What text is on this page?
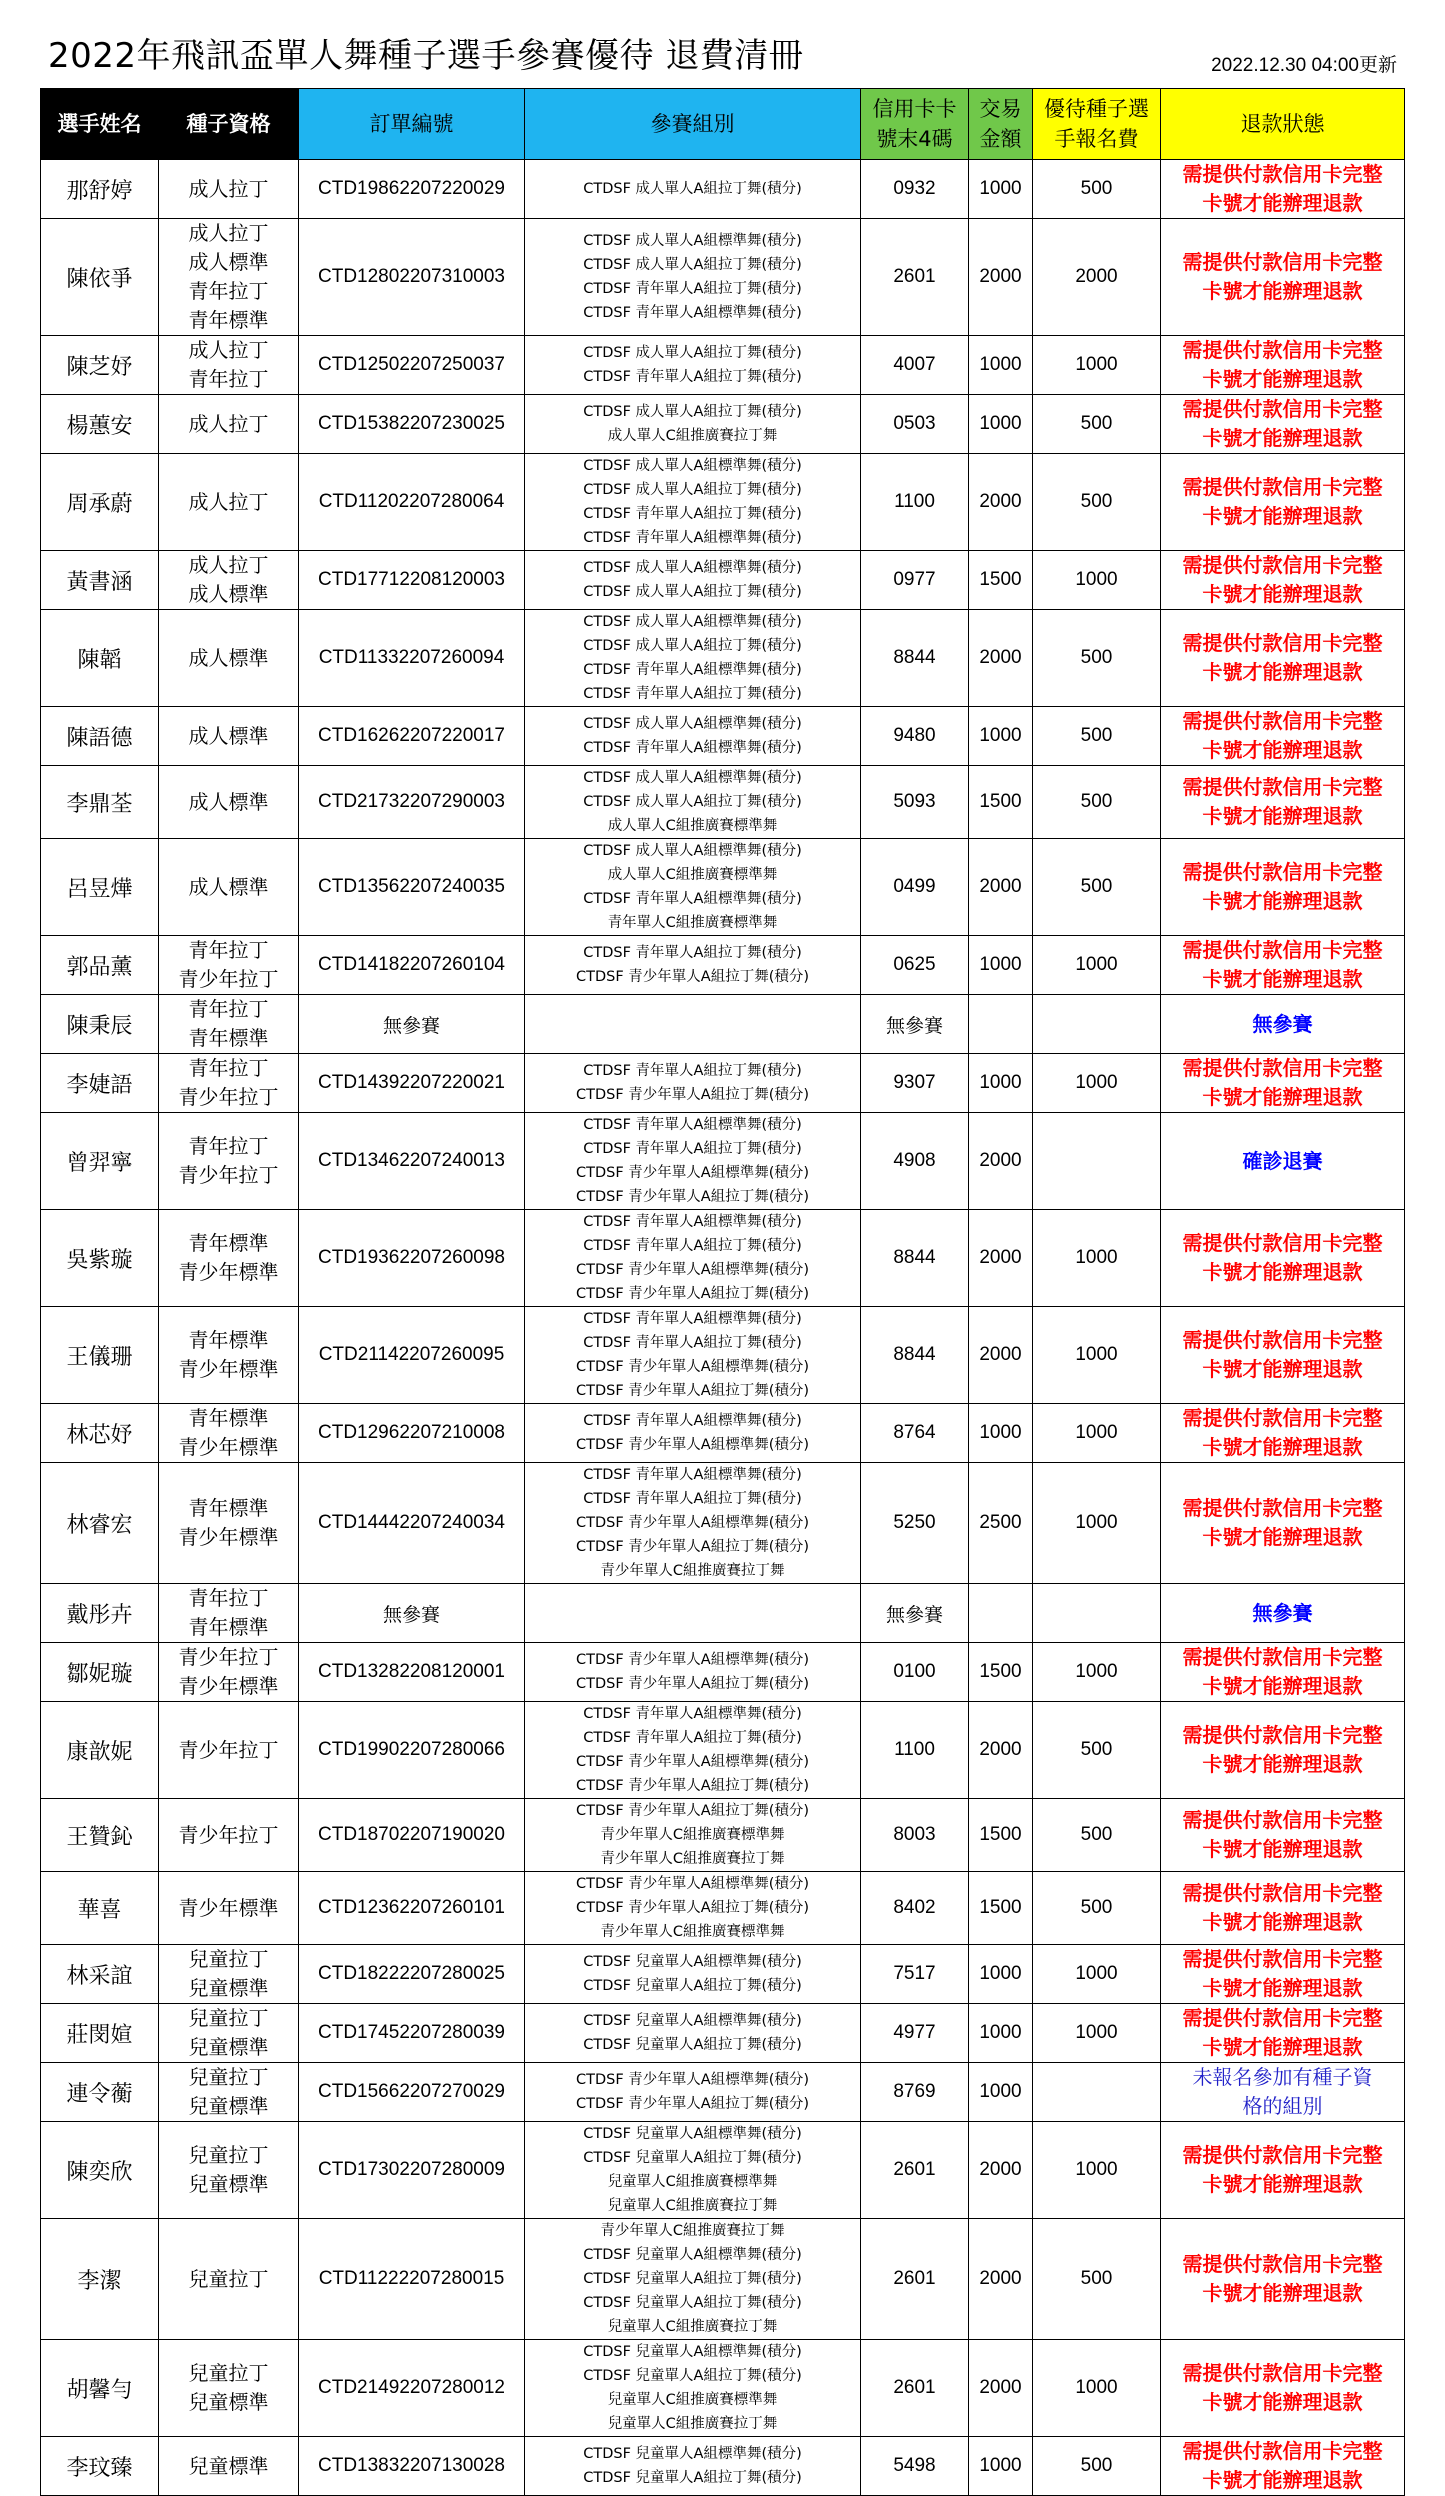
2022年飛訊盃單人舞種子選手參賽優待 退費清冊	2022.12.30 04:00更新
選手姓名	種子資格	訂單編號	參賽組別	信用卡卡
號末4碼	交易
金額	優待種子選
手報名費	退款狀態

那舒婷	成人拉丁	CTD19862207220029	CTDSF 成人單人A組拉丁舞(積分)	0932	1000	500	需提供付款信用卡完整
卡號才能辦理退款

陳依爭	成人拉丁
成人標準
青年拉丁
青年標準	CTD12802207310003	CTDSF 成人單人A組標準舞(積分)
CTDSF 成人單人A組拉丁舞(積分)
CTDSF 青年單人A組拉丁舞(積分)
CTDSF 青年單人A組標準舞(積分)	2601	2000	2000	需提供付款信用卡完整
卡號才能辦理退款

陳芝妤	成人拉丁
青年拉丁	CTD12502207250037	CTDSF 成人單人A組拉丁舞(積分)
CTDSF 青年單人A組拉丁舞(積分)	4007	1000	1000	需提供付款信用卡完整
卡號才能辦理退款

楊蕙安	成人拉丁	CTD15382207230025	CTDSF 成人單人A組拉丁舞(積分)
成人單人C組推廣賽拉丁舞	0503	1000	500	需提供付款信用卡完整
卡號才能辦理退款

周承蔚	成人拉丁	CTD11202207280064	CTDSF 成人單人A組標準舞(積分)
CTDSF 成人單人A組拉丁舞(積分)
CTDSF 青年單人A組拉丁舞(積分)
CTDSF 青年單人A組標準舞(積分)	1100	2000	500	需提供付款信用卡完整
卡號才能辦理退款

黃書涵	成人拉丁
成人標準	CTD17712208120003	CTDSF 成人單人A組標準舞(積分)
CTDSF 成人單人A組拉丁舞(積分)	0977	1500	1000	需提供付款信用卡完整
卡號才能辦理退款

陳韜	成人標準	CTD11332207260094	CTDSF 成人單人A組標準舞(積分)
CTDSF 成人單人A組拉丁舞(積分)
CTDSF 青年單人A組標準舞(積分)
CTDSF 青年單人A組拉丁舞(積分)	8844	2000	500	需提供付款信用卡完整
卡號才能辦理退款

陳語德	成人標準	CTD16262207220017	CTDSF 成人單人A組標準舞(積分)
CTDSF 青年單人A組標準舞(積分)	9480	1000	500	需提供付款信用卡完整
卡號才能辦理退款

李鼎荃	成人標準	CTD21732207290003	CTDSF 成人單人A組標準舞(積分)
CTDSF 成人單人A組拉丁舞(積分)
成人單人C組推廣賽標準舞	5093	1500	500	需提供付款信用卡完整
卡號才能辦理退款

呂昱燁	成人標準	CTD13562207240035	CTDSF 成人單人A組標準舞(積分)
成人單人C組推廣賽標準舞
CTDSF 青年單人A組標準舞(積分)
青年單人C組推廣賽標準舞	0499	2000	500	需提供付款信用卡完整
卡號才能辦理退款

郭品薰	青年拉丁
青少年拉丁	CTD14182207260104	CTDSF 青年單人A組拉丁舞(積分)
CTDSF 青少年單人A組拉丁舞(積分)	0625	1000	1000	需提供付款信用卡完整
卡號才能辦理退款

陳秉辰	青年拉丁
青年標準	無參賽		無參賽			無參賽

李婕語	青年拉丁
青少年拉丁	CTD14392207220021	CTDSF 青年單人A組拉丁舞(積分)
CTDSF 青少年單人A組拉丁舞(積分)	9307	1000	1000	需提供付款信用卡完整
卡號才能辦理退款

曾羿寧	青年拉丁
青少年拉丁	CTD13462207240013	CTDSF 青年單人A組標準舞(積分)
CTDSF 青年單人A組拉丁舞(積分)
CTDSF 青少年單人A組標準舞(積分)
CTDSF 青少年單人A組拉丁舞(積分)	4908	2000		確診退賽

吳紫璇	青年標準
青少年標準	CTD19362207260098	CTDSF 青年單人A組標準舞(積分)
CTDSF 青年單人A組拉丁舞(積分)
CTDSF 青少年單人A組標準舞(積分)
CTDSF 青少年單人A組拉丁舞(積分)	8844	2000	1000	需提供付款信用卡完整
卡號才能辦理退款

王儀珊	青年標準
青少年標準	CTD21142207260095	CTDSF 青年單人A組標準舞(積分)
CTDSF 青年單人A組拉丁舞(積分)
CTDSF 青少年單人A組標準舞(積分)
CTDSF 青少年單人A組拉丁舞(積分)	8844	2000	1000	需提供付款信用卡完整
卡號才能辦理退款

林芯妤	青年標準
青少年標準	CTD12962207210008	CTDSF 青年單人A組標準舞(積分)
CTDSF 青少年單人A組標準舞(積分)	8764	1000	1000	需提供付款信用卡完整
卡號才能辦理退款

林睿宏	青年標準
青少年標準	CTD14442207240034	CTDSF 青年單人A組標準舞(積分)
CTDSF 青年單人A組拉丁舞(積分)
CTDSF 青少年單人A組標準舞(積分)
CTDSF 青少年單人A組拉丁舞(積分)
青少年單人C組推廣賽拉丁舞	5250	2500	1000	需提供付款信用卡完整
卡號才能辦理退款

戴彤卉	青年拉丁
青年標準	無參賽		無參賽			無參賽

鄒妮璇	青少年拉丁
青少年標準	CTD13282208120001	CTDSF 青少年單人A組標準舞(積分)
CTDSF 青少年單人A組拉丁舞(積分)	0100	1500	1000	需提供付款信用卡完整
卡號才能辦理退款

康歆妮	青少年拉丁	CTD19902207280066	CTDSF 青年單人A組標準舞(積分)
CTDSF 青年單人A組拉丁舞(積分)
CTDSF 青少年單人A組標準舞(積分)
CTDSF 青少年單人A組拉丁舞(積分)	1100	2000	500	需提供付款信用卡完整
卡號才能辦理退款

王贊鈊	青少年拉丁	CTD18702207190020	CTDSF 青少年單人A組拉丁舞(積分)
青少年單人C組推廣賽標準舞
青少年單人C組推廣賽拉丁舞	8003	1500	500	需提供付款信用卡完整
卡號才能辦理退款

華喜	青少年標準	CTD12362207260101	CTDSF 青少年單人A組標準舞(積分)
CTDSF 青少年單人A組拉丁舞(積分)
青少年單人C組推廣賽標準舞	8402	1500	500	需提供付款信用卡完整
卡號才能辦理退款

林采誼	兒童拉丁
兒童標準	CTD18222207280025	CTDSF 兒童單人A組標準舞(積分)
CTDSF 兒童單人A組拉丁舞(積分)	7517	1000	1000	需提供付款信用卡完整
卡號才能辦理退款

莊閔媗	兒童拉丁
兒童標準	CTD17452207280039	CTDSF 兒童單人A組標準舞(積分)
CTDSF 兒童單人A組拉丁舞(積分)	4977	1000	1000	需提供付款信用卡完整
卡號才能辦理退款

連令蘅	兒童拉丁
兒童標準	CTD15662207270029	CTDSF 青少年單人A組標準舞(積分)
CTDSF 青少年單人A組拉丁舞(積分)	8769	1000		未報名參加有種子資
格的組別

陳奕欣	兒童拉丁
兒童標準	CTD17302207280009	CTDSF 兒童單人A組標準舞(積分)
CTDSF 兒童單人A組拉丁舞(積分)
兒童單人C組推廣賽標準舞
兒童單人C組推廣賽拉丁舞	2601	2000	1000	需提供付款信用卡完整
卡號才能辦理退款

李潔	兒童拉丁	CTD11222207280015	青少年單人C組推廣賽拉丁舞
CTDSF 兒童單人A組標準舞(積分)
CTDSF 兒童單人A組拉丁舞(積分)
CTDSF 兒童單人A組拉丁舞(積分)
兒童單人C組推廣賽拉丁舞	2601	2000	500	需提供付款信用卡完整
卡號才能辦理退款

胡馨勻	兒童拉丁
兒童標準	CTD21492207280012	CTDSF 兒童單人A組標準舞(積分)
CTDSF 兒童單人A組拉丁舞(積分)
兒童單人C組推廣賽標準舞
兒童單人C組推廣賽拉丁舞	2601	2000	1000	需提供付款信用卡完整
卡號才能辦理退款

李玟臻	兒童標準	CTD13832207130028	CTDSF 兒童單人A組標準舞(積分)
CTDSF 兒童單人A組拉丁舞(積分)	5498	1000	500	需提供付款信用卡完整
卡號才能辦理退款
